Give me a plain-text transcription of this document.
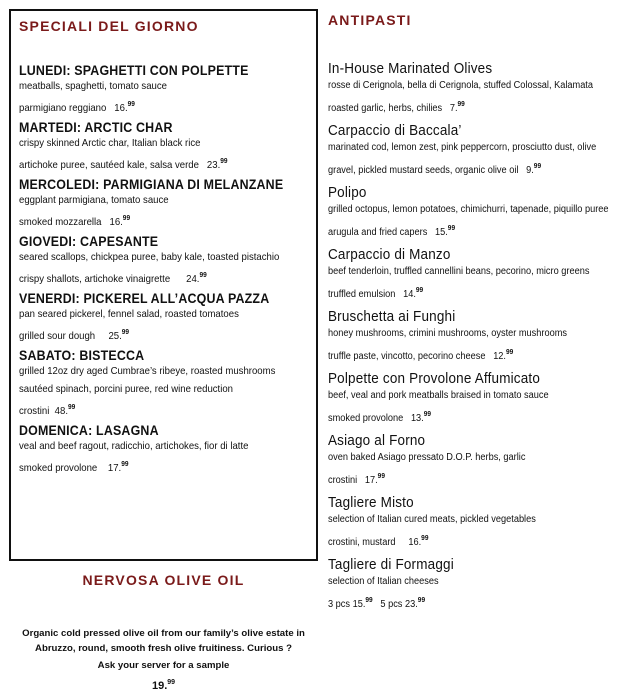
SPECIALI DEL GIORNO
LUNEDI: SPAGHETTI CON POLPETTE
meatballs, spaghetti, tomato sauce
parmigiano reggiano 16.99
MARTEDI: ARCTIC CHAR
crispy skinned Arctic char, Italian black rice
artichoke puree, sautéed kale, salsa verde 23.99
MERCOLEDI: PARMIGIANA DI MELANZANE
eggplant parmigiana, tomato sauce
smoked mozzarella 16.99
GIOVEDI: CAPESANTE
seared scallops, chickpea puree, baby kale, toasted pistachio
crispy shallots, artichoke vinaigrette 24.99
VENERDI: PICKEREL ALL’ACQUA PAZZA
pan seared pickerel, fennel salad, roasted tomatoes
grilled sour dough 25.99
SABATO: BISTECCA
grilled 12oz dry aged Cumbrae’s ribeye, roasted mushrooms
sautéed spinach, porcini puree, red wine reduction
crostini 48.99
DOMENICA: LASAGNA
veal and beef ragout, radicchio, artichokes, fior di latte
smoked provolone 17.99
NERVOSA OLIVE OIL
Organic cold pressed olive oil from our family’s olive estate in
Abruzzo, round, smooth fresh olive fruitiness. Curious ?
Ask your server for a sample
19.99
ANTIPASTI
In-House Marinated Olives
rosse di Cerignola, bella di Cerignola, stuffed Colossal, Kalamata
roasted garlic, herbs, chilies 7.99
Carpaccio di Baccala’
marinated cod, lemon zest, pink peppercorn, prosciutto dust, olive
gravel, pickled mustard seeds, organic olive oil 9.99
Polipo
grilled octopus, lemon potatoes, chimichurri, tapenade, piquillo puree
arugula and fried capers 15.99
Carpaccio di Manzo
beef tenderloin, truffled cannellini beans, pecorino, micro greens
truffled emulsion 14.99
Bruschetta ai Funghi
honey mushrooms, crimini mushrooms, oyster mushrooms
truffle paste, vincotto, pecorino cheese 12.99
Polpette con Provolone Affumicato
beef, veal and pork meatballs braised in tomato sauce
smoked provolone 13.99
Asiago al Forno
oven baked Asiago pressato D.O.P. herbs, garlic
crostini 17.99
Tagliere Misto
selection of Italian cured meats, pickled vegetables
crostini, mustard 16.99
Tagliere di Formaggi
selection of Italian cheeses
3 pcs 15.99 5 pcs 23.99
